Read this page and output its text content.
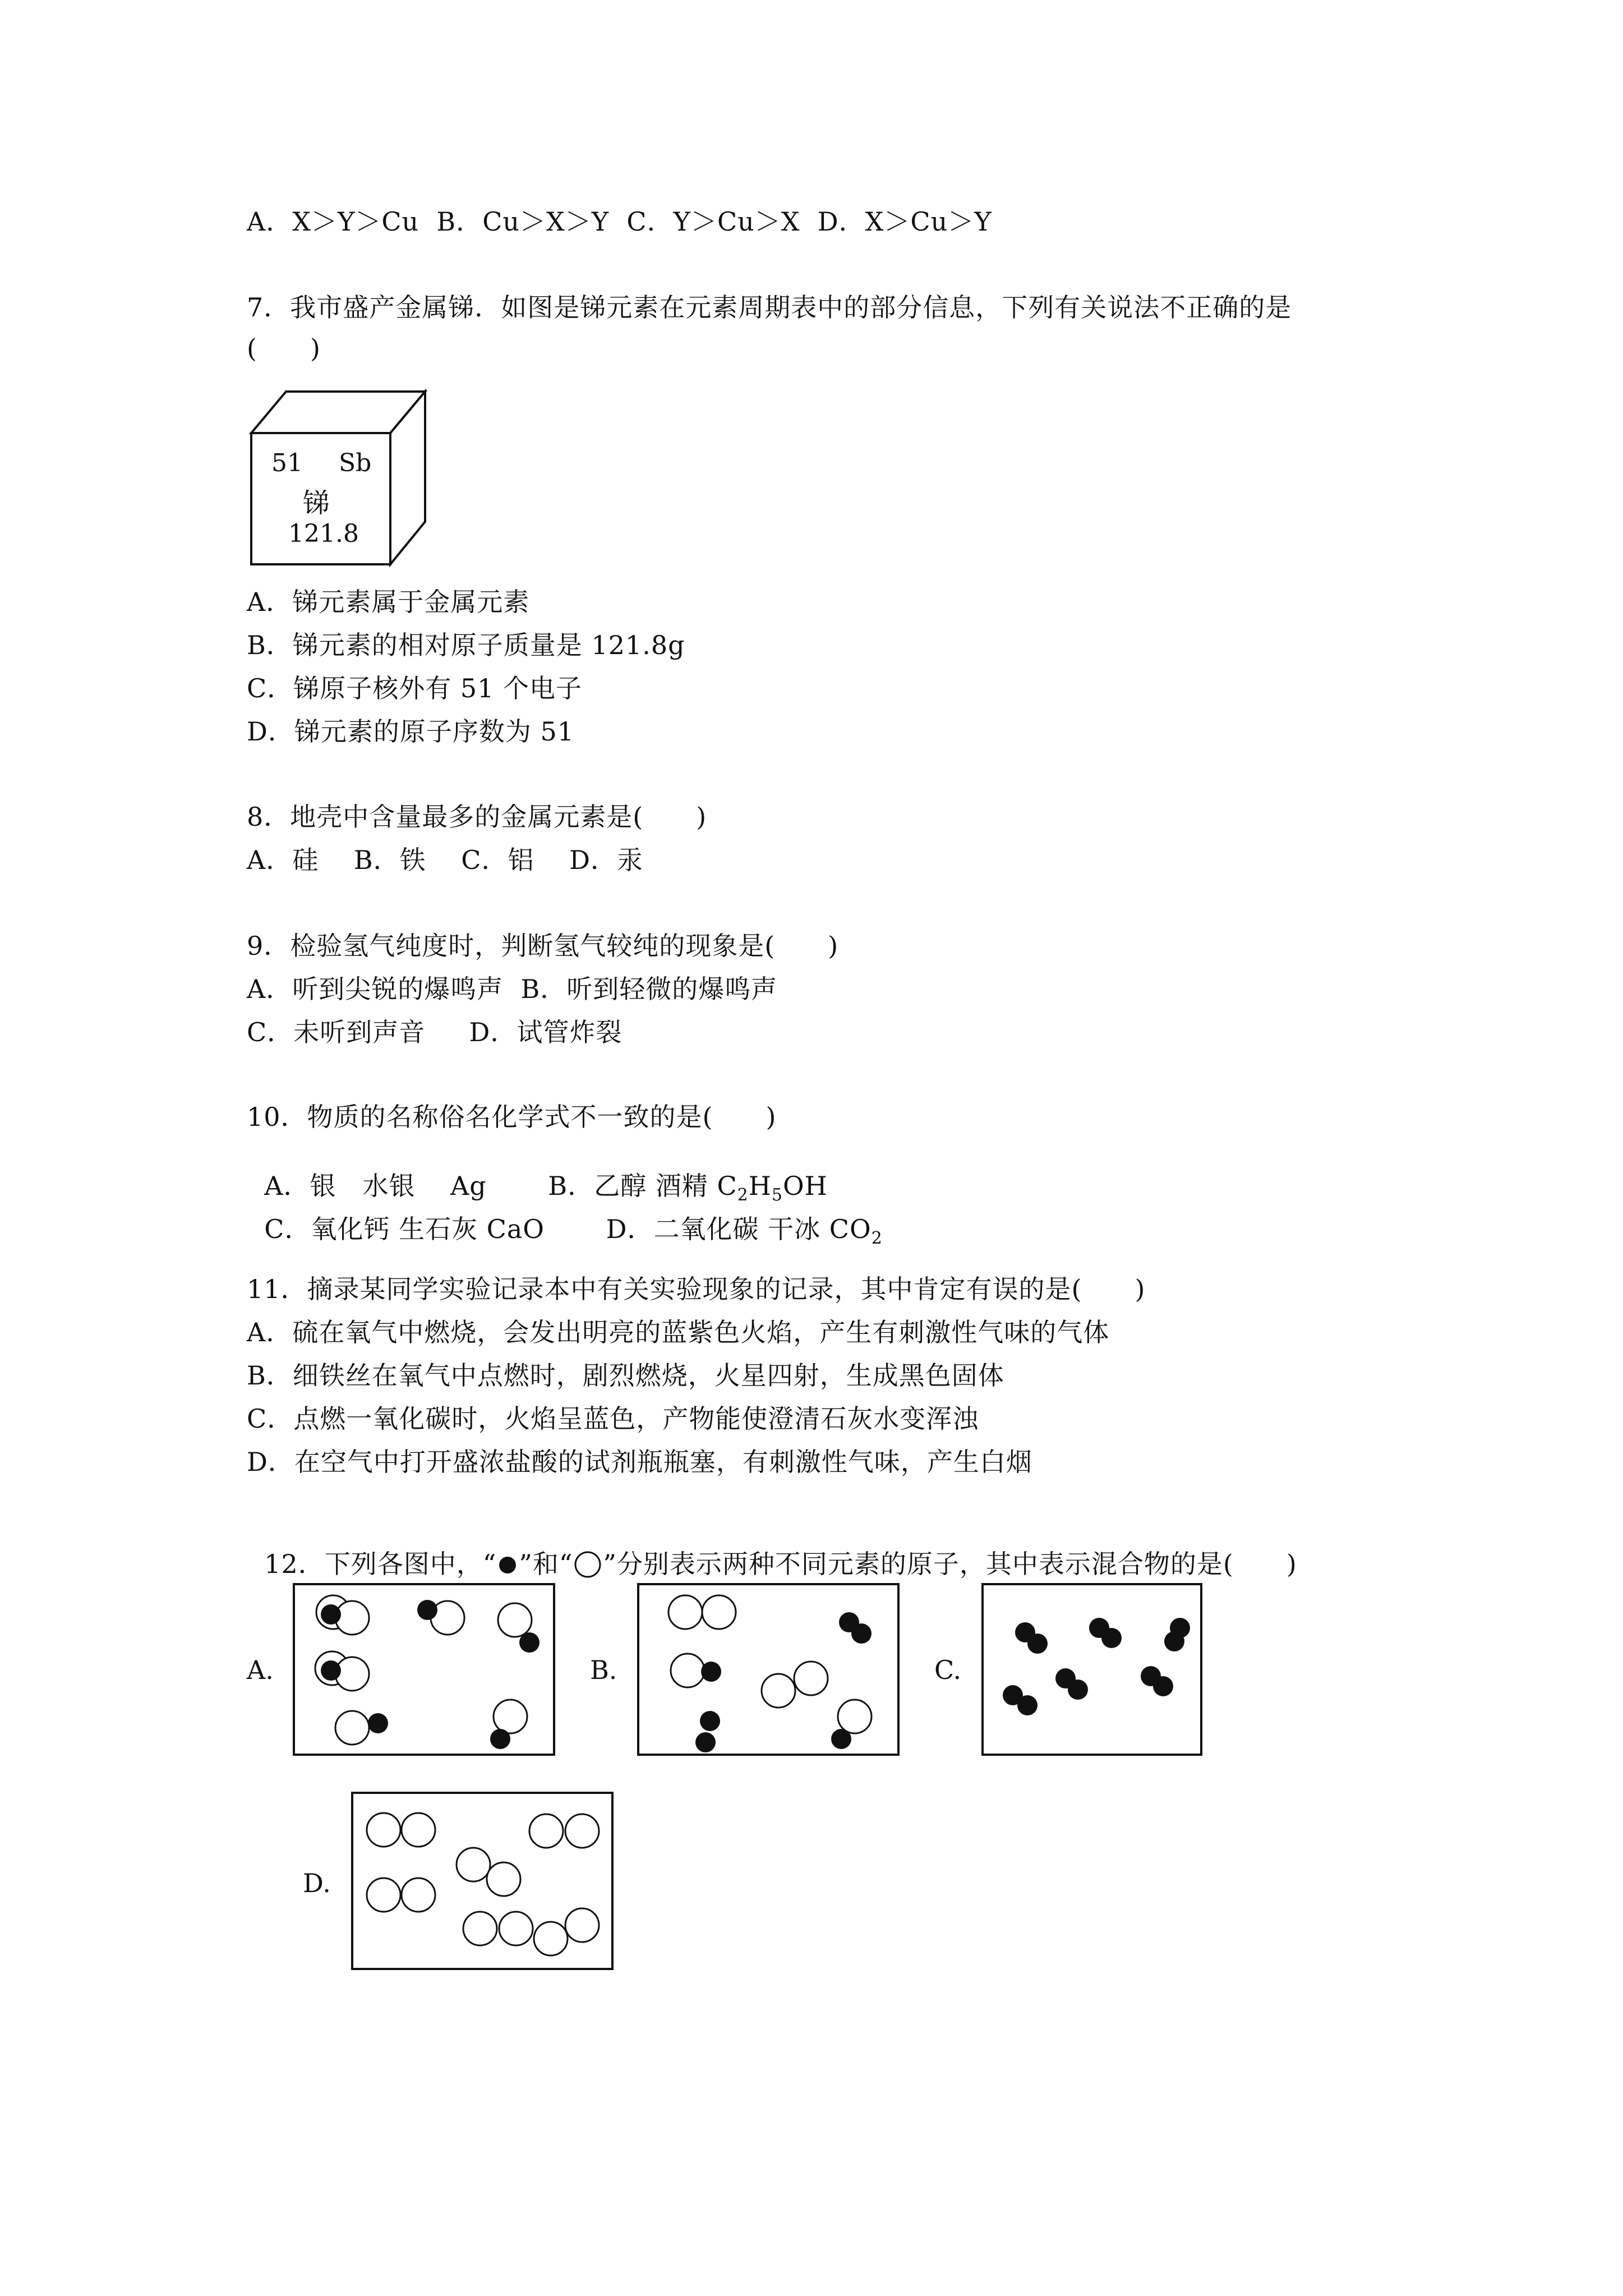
A．X＞Y＞Cu  B．Cu＞X＞Y  C．Y＞Cu＞X  D．X＞Cu＞Y
7．我市盛产金属锑．如图是锑元素在元素周期表中的部分信息，下列有关说法不正确的是
(　　)
51 Sb
锑
121.8
A．锑元素属于金属元素
B．锑元素的相对原子质量是 121.8g
C．锑原子核外有 51 个电子
D．锑元素的原子序数为 51
8．地壳中含量最多的金属元素是(　　)
A．硅　 B．铁　 C．铝　 D．汞
9．检验氢气纯度时，判断氢气较纯的现象是(　　)
A．听到尖锐的爆鸣声  B．听到轻微的爆鸣声
C．未听到声音　  D．试管炸裂
10．物质的名称俗名化学式不一致的是(　　)

A．银　水银　 Ag　　 B．乙醇 酒精 $C_2H_5OH$

C．氧化钙 生石灰 CaO　　 D．二氧化碳 干冰 $CO_2$

11．摘录某同学实验记录本中有关实验现象的记录，其中肯定有误的是(　　)
A．硫在氧气中燃烧，会发出明亮的蓝紫色火焰，产生有刺激性气味的气体
B．细铁丝在氧气中点燃时，剧烈燃烧，火星四射，生成黑色固体
C．点燃一氧化碳时，火焰呈蓝色，产物能使澄清石灰水变浑浊
D．在空气中打开盛浓盐酸的试剂瓶瓶塞，有刺激性气味，产生白烟

12．下列各图中，“ ”和“ ”分别表示两种不同元素的原子，其中表示混合物的是(　　)

A.	B.	C.
D.
